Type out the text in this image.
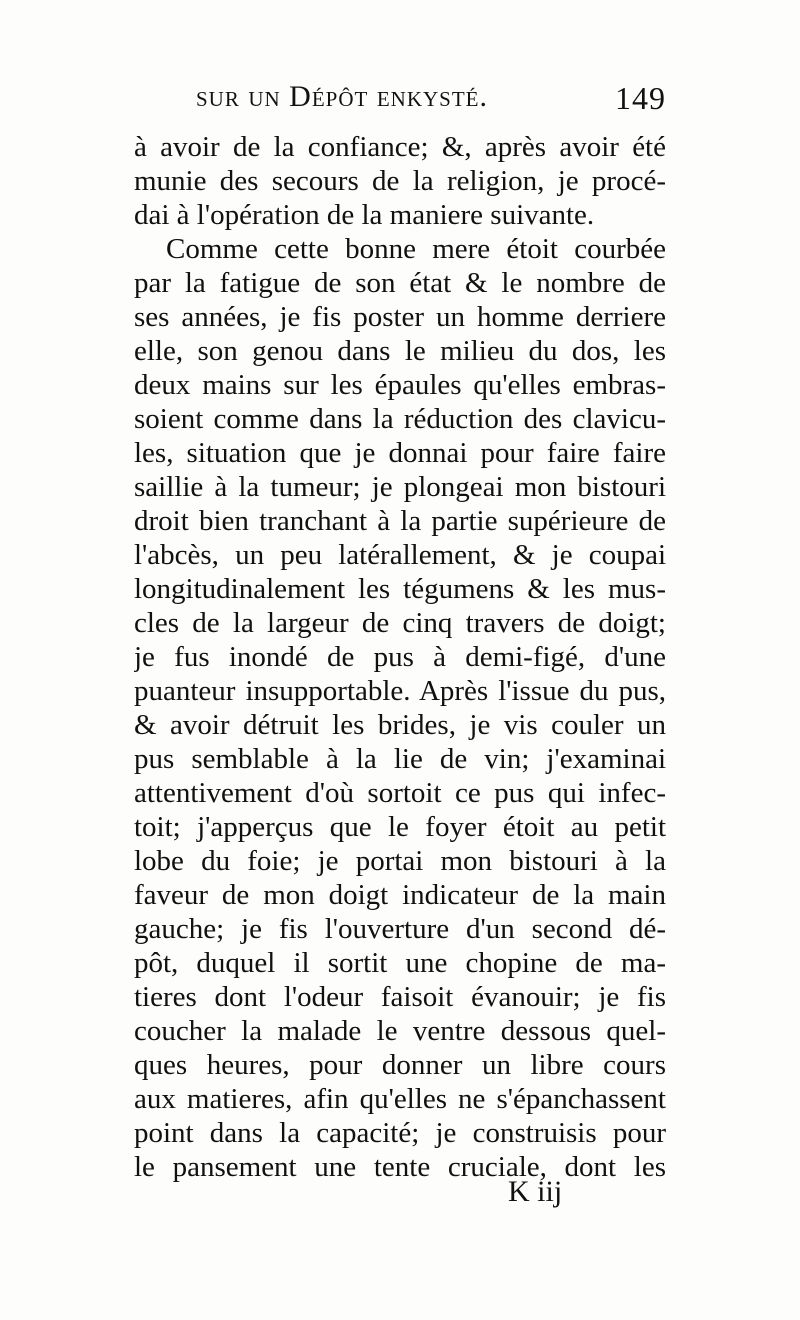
sur un Dépôt enkysté.	149
à avoir de la confiance; &, après avoir été
munie des secours de la religion, je procé-
dai à l'opération de la maniere suivante.
Comme cette bonne mere étoit courbée
par la fatigue de son état & le nombre de
ses années, je fis poster un homme derriere
elle, son genou dans le milieu du dos, les
deux mains sur les épaules qu'elles embras-
soient comme dans la réduction des clavicu-
les, situation que je donnai pour faire faire
saillie à la tumeur; je plongeai mon bistouri
droit bien tranchant à la partie supérieure de
l'abcès, un peu latérallement, & je coupai
longitudinalement les tégumens & les mus-
cles de la largeur de cinq travers de doigt;
je fus inondé de pus à demi-figé, d'une
puanteur insupportable. Après l'issue du pus,
& avoir détruit les brides, je vis couler un
pus semblable à la lie de vin; j'examinai
attentivement d'où sortoit ce pus qui infec-
toit; j'apperçus que le foyer étoit au petit
lobe du foie; je portai mon bistouri à la
faveur de mon doigt indicateur de la main
gauche; je fis l'ouverture d'un second dé-
pôt, duquel il sortit une chopine de ma-
tieres dont l'odeur faisoit évanouir; je fis
coucher la malade le ventre dessous quel-
ques heures, pour donner un libre cours
aux matieres, afin qu'elles ne s'épanchassent
point dans la capacité; je construisis pour
le pansement une tente cruciale, dont les
K iij
